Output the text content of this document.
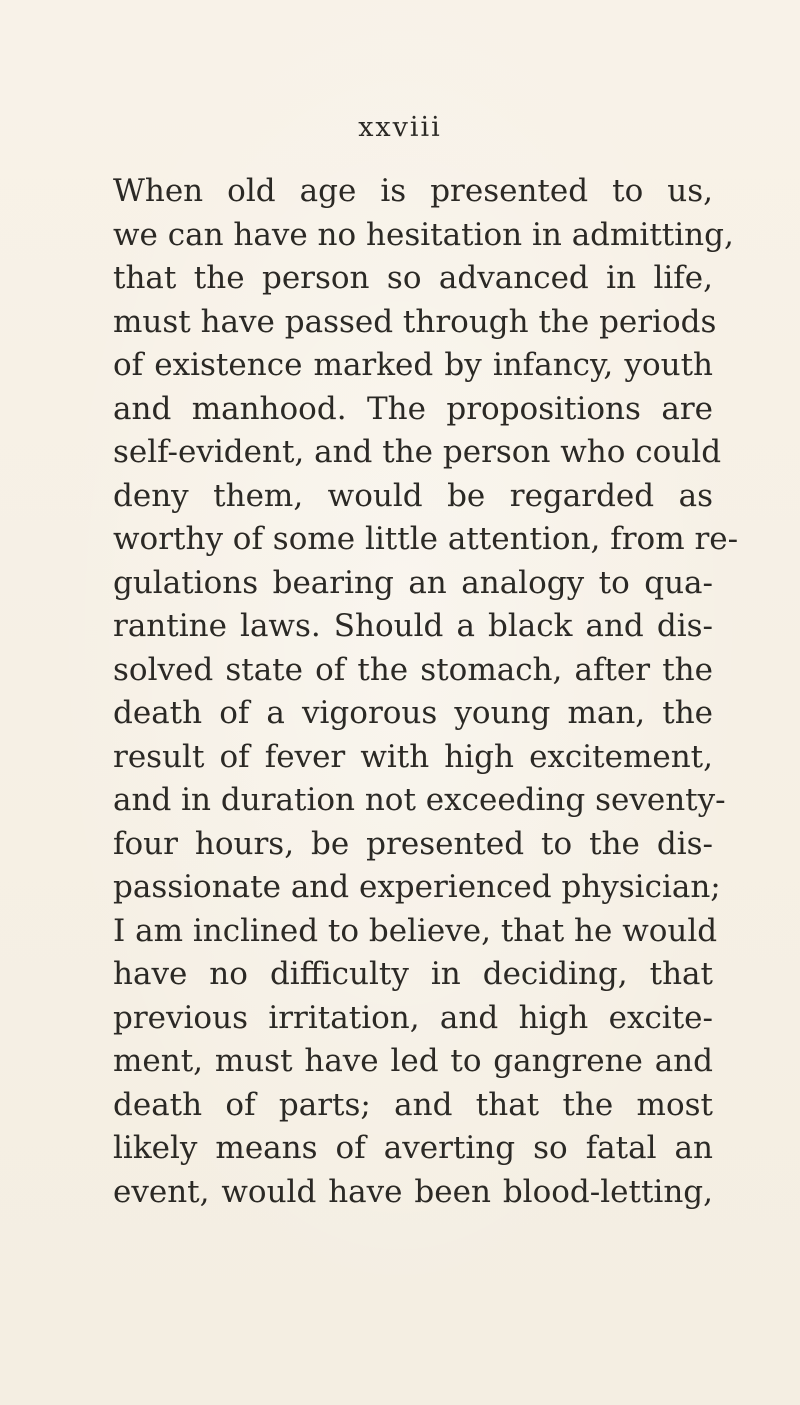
xxviii
When old age is presented to us,
we can have no hesitation in admitting,
that the person so advanced in life,
must have passed through the periods
of existence marked by infancy, youth
and manhood. The propositions are
self-evident, and the person who could
deny them, would be regarded as
worthy of some little attention, from re-
gulations bearing an analogy to qua-
rantine laws. Should a black and dis-
solved state of the stomach, after the
death of a vigorous young man, the
result of fever with high excitement,
and in duration not exceeding seventy-
four hours, be presented to the dis-
passionate and experienced physician;
I am inclined to believe, that he would
have no difficulty in deciding, that
previous irritation, and high excite-
ment, must have led to gangrene and
death of parts; and that the most
likely means of averting so fatal an
event, would have been blood-letting,
